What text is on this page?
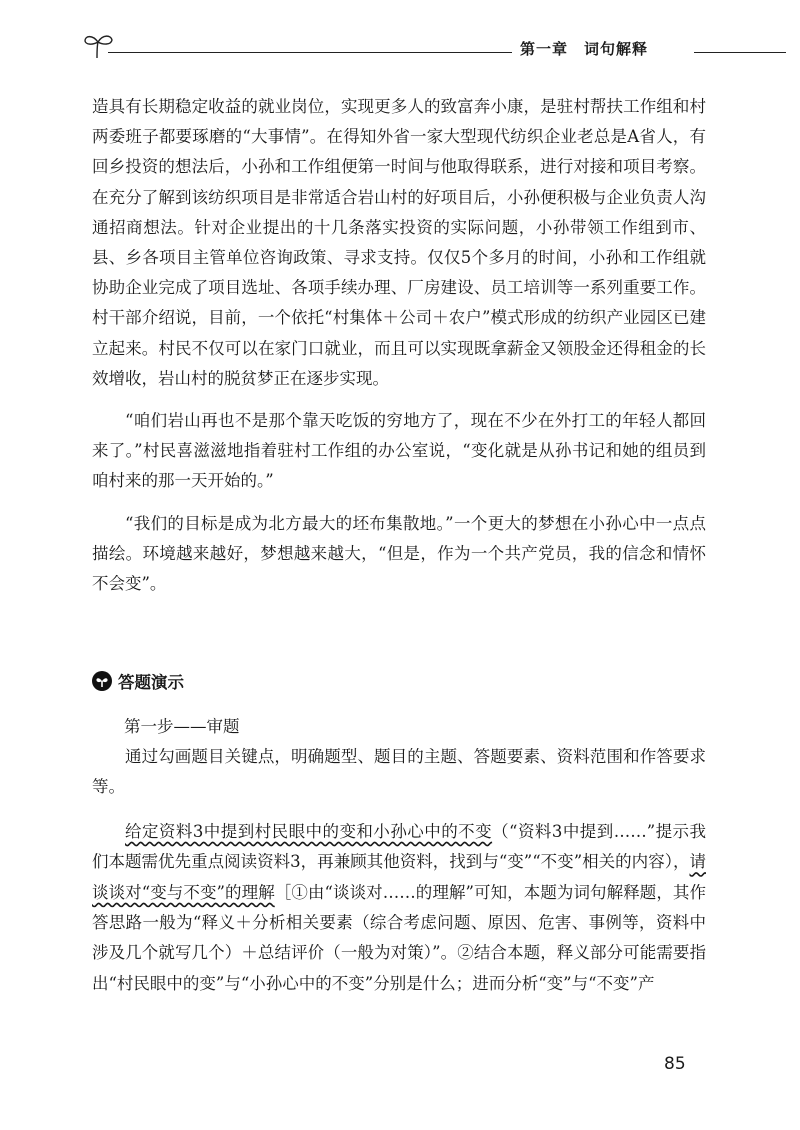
第一章　词句解释

造具有长期稳定收益的就业岗位，实现更多人的致富奔小康，是驻村帮扶工作组和村两委班子都要琢磨的“大事情”。在得知外省一家大型现代纺织企业老总是A省人，有回乡投资的想法后，小孙和工作组便第一时间与他取得联系，进行对接和项目考察。在充分了解到该纺织项目是非常适合岩山村的好项目后，小孙便积极与企业负责人沟通招商想法。针对企业提出的十几条落实投资的实际问题，小孙带领工作组到市、县、乡各项目主管单位咨询政策、寻求支持。仅仅5个多月的时间，小孙和工作组就协助企业完成了项目选址、各项手续办理、厂房建设、员工培训等一系列重要工作。村干部介绍说，目前，一个依托“村集体＋公司＋农户”模式形成的纺织产业园区已建立起来。村民不仅可以在家门口就业，而且可以实现既拿薪金又领股金还得租金的长效增收，岩山村的脱贫梦正在逐步实现。

“咱们岩山再也不是那个靠天吃饭的穷地方了，现在不少在外打工的年轻人都回来了。”村民喜滋滋地指着驻村工作组的办公室说，“变化就是从孙书记和她的组员到咱村来的那一天开始的。”

“我们的目标是成为北方最大的坯布集散地。”一个更大的梦想在小孙心中一点点描绘。环境越来越好，梦想越来越大，“但是，作为一个共产党员，我的信念和情怀不会变”。

答题演示
第一步——审题

通过勾画题目关键点，明确题型、题目的主题、答题要素、资料范围和作答要求等。

给定资料3中提到村民眼中的变和小孙心中的不变（“资料3中提到……”提示我们本题需优先重点阅读资料3，再兼顾其他资料，找到与“变”“不变”相关的内容），请谈谈对“变与不变”的理解［①由“谈谈对……的理解”可知，本题为词句解释题，其作答思路一般为“释义＋分析相关要素（综合考虑问题、原因、危害、事例等，资料中涉及几个就写几个）＋总结评价（一般为对策）”。②结合本题，释义部分可能需要指出“村民眼中的变”与“小孙心中的不变”分别是什么；进而分析“变”与“不变”产

85
